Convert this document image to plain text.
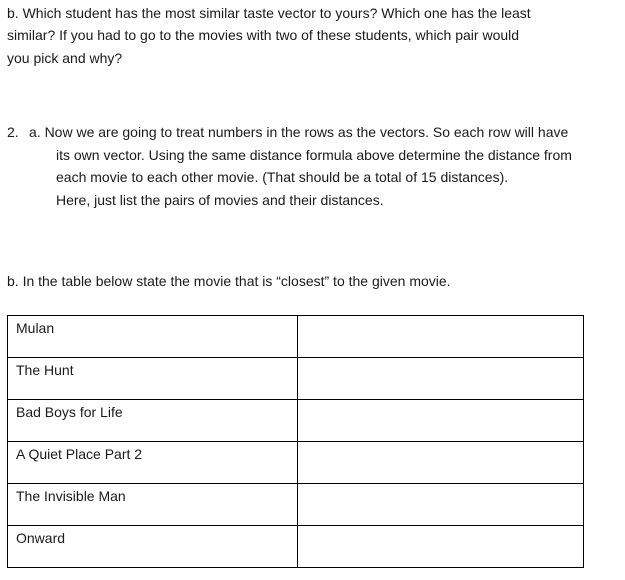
b. Which student has the most similar taste vector to yours? Which one has the least
similar? If you had to go to the movies with two of these students, which pair would
you pick and why?
2. a. Now we are going to treat numbers in the rows as the vectors. So each row will have
its own vector. Using the same distance formula above determine the distance from
each movie to each other movie. (That should be a total of 15 distances).
Here, just list the pairs of movies and their distances.
b. In the table below state the movie that is “closest” to the given movie.
Mulan	
The Hunt	
Bad Boys for Life	
A Quiet Place Part 2	
The Invisible Man	
Onward	
